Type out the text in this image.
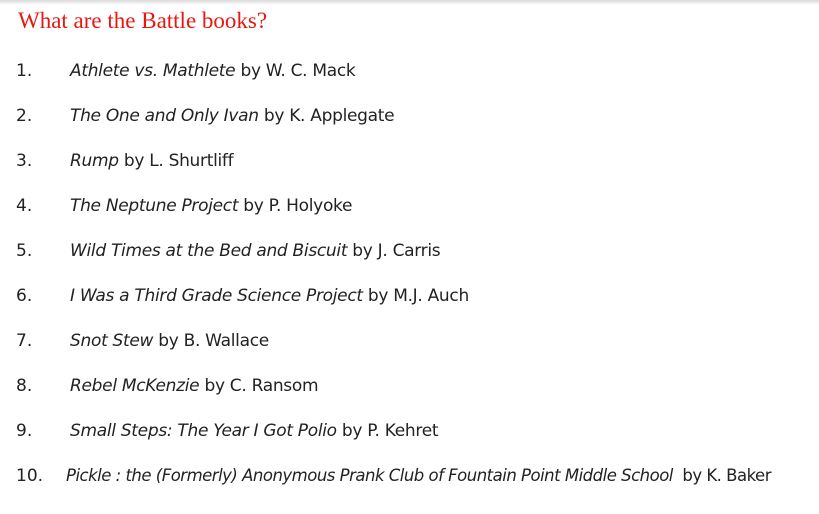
What are the Battle books?
1. Athlete vs. Mathlete by W. C. Mack
2. The One and Only Ivan by K. Applegate
3. Rump by L. Shurtliff
4. The Neptune Project by P. Holyoke
5. Wild Times at the Bed and Biscuit by J. Carris
6. I Was a Third Grade Science Project by M.J. Auch
7. Snot Stew by B. Wallace
8. Rebel McKenzie by C. Ransom
9. Small Steps: The Year I Got Polio by P. Kehret
10. Pickle : the (Formerly) Anonymous Prank Club of Fountain Point Middle School  by K. Baker
